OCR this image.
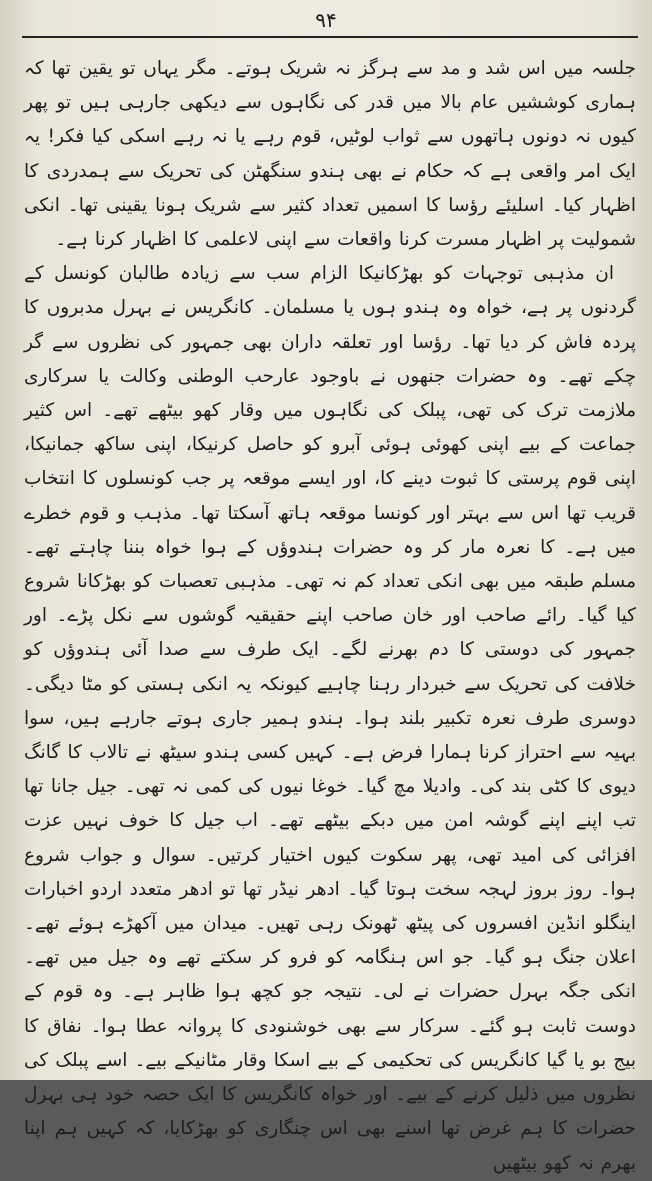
۹۴

جلسہ میں اس شد و مد سے ہرگز نہ شریک ہوتے۔ مگر یہاں تو یقین تھا کہ ہماری کوششیں عام بالا میں قدر کی نگاہوں سے دیکھی جارہی ہیں تو پھر کیوں نہ دونوں ہاتھوں سے ثواب لوٹیں، قوم رہے یا نہ رہے اسکی کیا فکر! یہ ایک امر واقعی ہے کہ حکام نے بھی ہندو سنگھٹن کی تحریک سے ہمدردی کا اظہار کیا۔ اسلیئے رؤسا کا اسمیں تعداد کثیر سے شریک ہونا یقینی تھا۔ انکی شمولیت پر اظہار مسرت کرنا واقعات سے اپنی لاعلمی کا اظہار کرنا ہے۔

ان مذہبی توجہات کو بھڑکانیکا الزام سب سے زیادہ طالبان کونسل کے گردنوں پر ہے، خواہ وہ ہندو ہوں یا مسلمان۔ کانگریس نے بہرل مدبروں کا پردہ فاش کر دیا تھا۔ رؤسا اور تعلقہ داران بھی جمہور کی نظروں سے گر چکے تھے۔ وہ حضرات جنھوں نے باوجود عارحب الوطنی وکالت یا سرکاری ملازمت ترک کی تھی، پبلک کی نگاہوں میں وقار کھو بیٹھے تھے۔ اس کثیر جماعت کے بیے اپنی کھوئی ہوئی آبرو کو حاصل کرنیکا، اپنی ساکھ جمانیکا، اپنی قوم پرستی کا ثبوت دینے کا، اور ایسے موقعہ پر جب کونسلوں کا انتخاب قریب تھا اس سے بہتر اور کونسا موقعہ ہاتھ آسکتا تھا۔ مذہب و قوم خطرے میں ہے۔ کا نعرہ مار کر وہ حضرات ہندوؤں کے ہوا خواہ بننا چاہتے تھے۔ مسلم طبقہ میں بھی انکی تعداد کم نہ تھی۔ مذہبی تعصبات کو بھڑکانا شروع کیا گیا۔ رائے صاحب اور خان صاحب اپنے حقیقیہ گوشوں سے نکل پڑے۔ اور جمہور کی دوستی کا دم بھرنے لگے۔ ایک طرف سے صدا آئی ہندوؤں کو خلافت کی تحریک سے خبردار رہنا چاہیے کیونکہ یہ انکی ہستی کو مٹا دیگی۔ دوسری طرف نعرہ تکبیر بلند ہوا۔ ہندو ہمیر جاری ہوتے جارہے ہیں، سوا بہیہ سے احتراز کرنا ہمارا فرض ہے۔ کہیں کسی ہندو سیٹھ نے تالاب کا گانگ دیوی کا کٹی بند کی۔ وادیلا مچ گیا۔ خوغا نیوں کی کمی نہ تھی۔ جیل جانا تھا تب اپنے اپنے گوشہ امن میں دبکے بیٹھے تھے۔ اب جیل کا خوف نہیں عزت افزائی کی امید تھی، پھر سکوت کیوں اختیار کرتیں۔ سوال و جواب شروع ہوا۔ روز بروز لہجہ سخت ہوتا گیا۔ ادھر نیڈر تھا تو ادھر متعدد اردو اخبارات اینگلو انڈین افسروں کی پیٹھ ٹھونک رہی تھیں۔ میدان میں آکھڑے ہوئے تھے۔ اعلان جنگ ہو گیا۔ جو اس ہنگامہ کو فرو کر سکتے تھے وہ جیل میں تھے۔ انکی جگہ بہرل حضرات نے لی۔ نتیجہ جو کچھ ہوا ظاہر ہے۔ وہ قوم کے دوست ثابت ہو گئے۔ سرکار سے بھی خوشنودی کا پروانہ عطا ہوا۔ نفاق کا بیج بو یا گیا کانگریس کی تحکیمی کے بیے اسکا وقار مٹانیکے بیے۔ اسے پبلک کی نظروں میں ذلیل کرنے کے بیے۔ اور خواہ کانگریس کا ایک حصہ خود ہی بہرل حضرات کا ہم غرض تھا اسنے بھی اس چنگاری کو بھڑکایا، کہ کہیں ہم اپنا بھرم نہ کھو بیٹھیں
